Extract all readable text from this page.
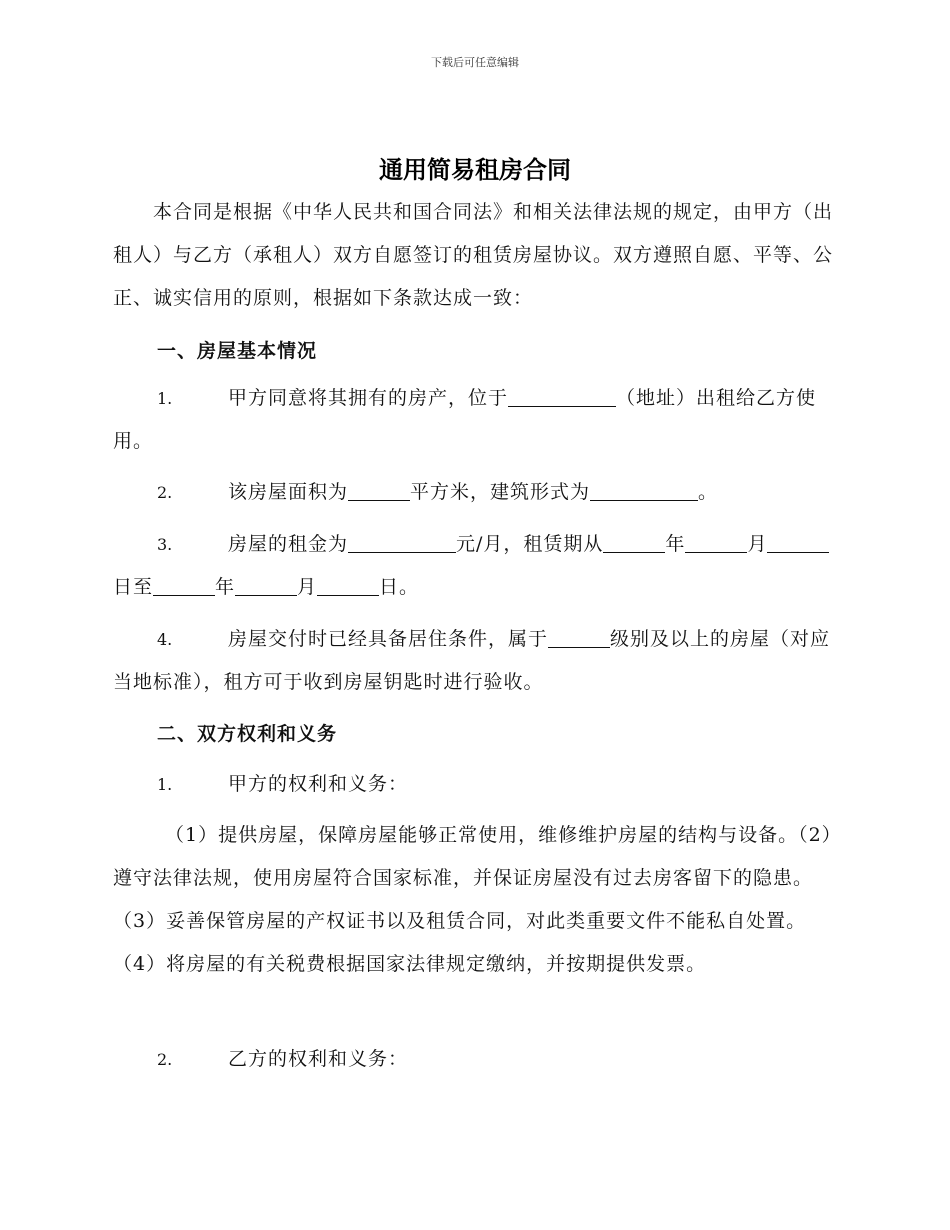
下载后可任意编辑
通用简易租房合同

本合同是根据《中华人民共和国合同法》和相关法律法规的规定，由甲方（出租人）与乙方（承租人）双方自愿签订的租赁房屋协议。双方遵照自愿、平等、公正、诚实信用的原则，根据如下条款达成一致：

一、房屋基本情况
1.	甲方同意将其拥有的房产，位于	（地址）出租给乙方使用。

2.	该房屋面积为	平方米，建筑形式为	。

3.	房屋的租金为	元/月，租赁期从	年	月日至	年	月	日。

4.	房屋交付时已经具备居住条件，属于	级别及以上的房屋（对应当地标准），租方可于收到房屋钥匙时进行验收。

二、双方权利和义务
1.	甲方的权利和义务：

（1）提供房屋，保障房屋能够正常使用，维修维护房屋的结构与设备。（2）遵守法律法规，使用房屋符合国家标准，并保证房屋没有过去房客留下的隐患。（3）妥善保管房屋的产权证书以及租赁合同，对此类重要文件不能私自处置。（4）将房屋的有关税费根据国家法律规定缴纳，并按期提供发票。

2.	乙方的权利和义务：
